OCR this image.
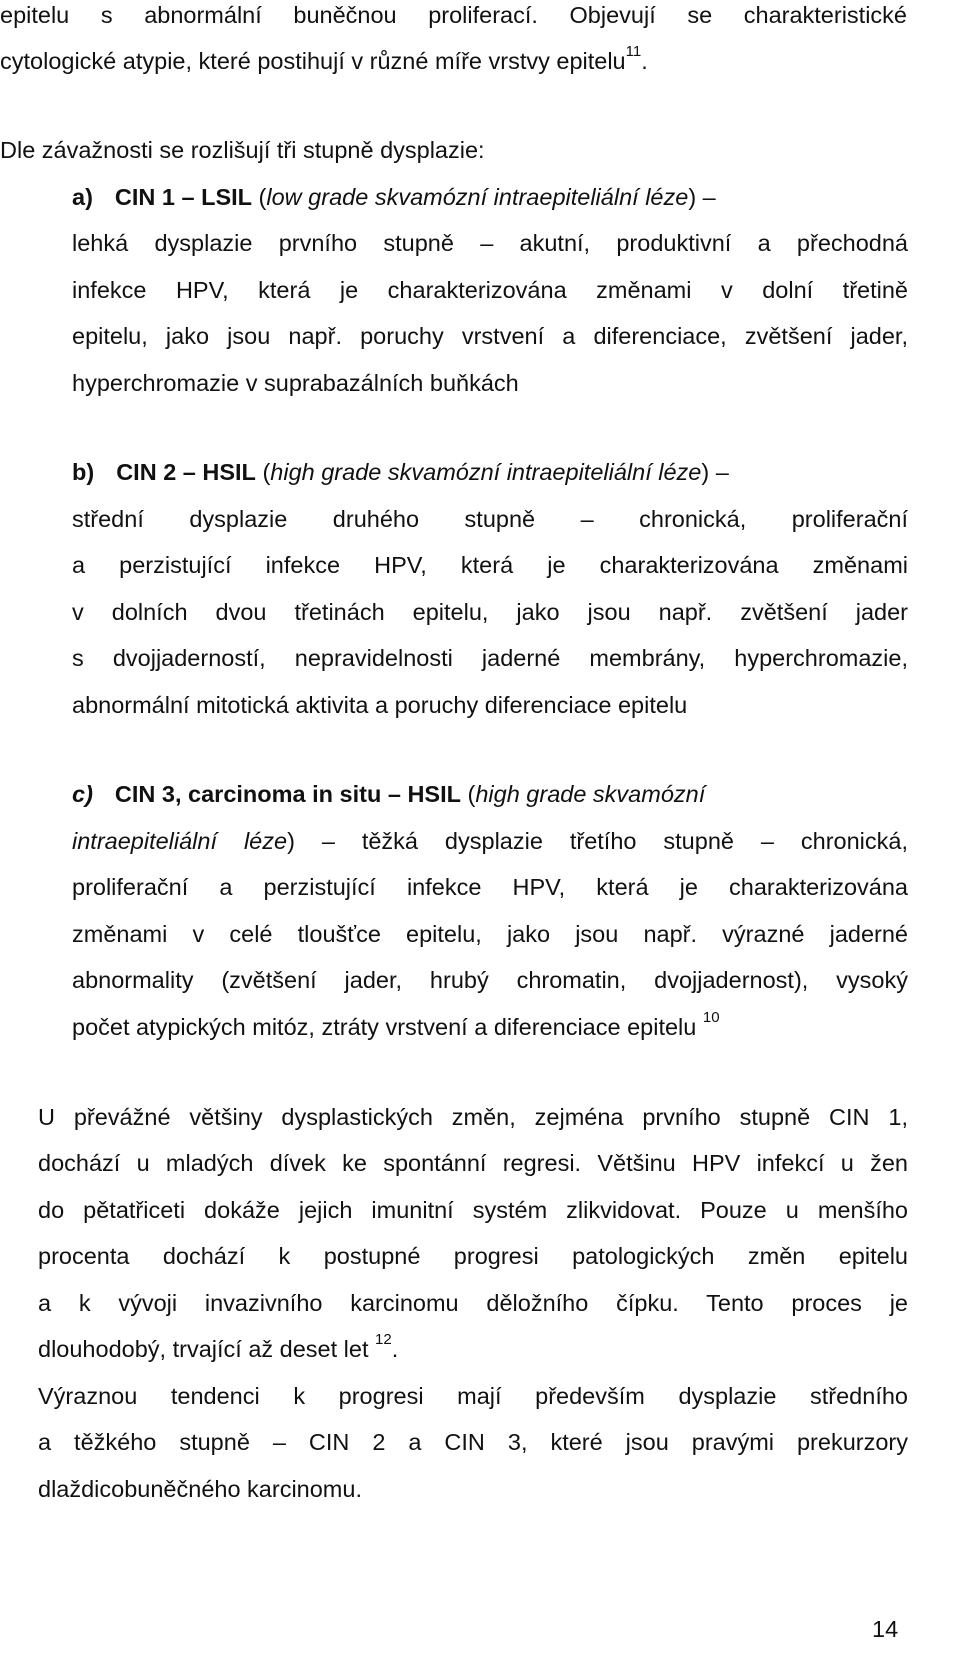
epitelu s abnormální buněčnou proliferací. Objevují se charakteristické
cytologické atypie, které postihují v různé míře vrstvy epitelu$^{11}$.
Dle závažnosti se rozlišují tři stupně dysplazie:
a) CIN 1 – LSIL (low grade skvamózní intraepiteliální léze) –
lehká dysplazie prvního stupně – akutní, produktivní a přechodná
infekce HPV, která je charakterizována změnami v dolní třetině
epitelu, jako jsou např. poruchy vrstvení a diferenciace, zvětšení jader,
hyperchromazie v suprabazálních buňkách
b) CIN 2 – HSIL (high grade skvamózní intraepiteliální léze) –
střední dysplazie druhého stupně – chronická, proliferační
a perzistující infekce HPV, která je charakterizována změnami
v dolních dvou třetinách epitelu, jako jsou např. zvětšení jader
s dvojjaderností, nepravidelnosti jaderné membrány, hyperchromazie,
abnormální mitotická aktivita a poruchy diferenciace epitelu
c) CIN 3, carcinoma in situ – HSIL (high grade skvamózní
intraepiteliální léze) – těžká dysplazie třetího stupně – chronická,
proliferační a perzistující infekce HPV, která je charakterizována
změnami v celé tloušťce epitelu, jako jsou např. výrazné jaderné
abnormality (zvětšení jader, hrubý chromatin, dvojjadernost), vysoký
počet atypických mitóz, ztráty vrstvení a diferenciace epitelu $^{10}$
U převážné většiny dysplastických změn, zejména prvního stupně CIN 1,
dochází u mladých dívek ke spontánní regresi. Většinu HPV infekcí u žen
do pětatřiceti dokáže jejich imunitní systém zlikvidovat. Pouze u menšího
procenta dochází k postupné progresi patologických změn epitelu
a k vývoji invazivního karcinomu děložního čípku. Tento proces je
dlouhodobý, trvající až deset let $^{12}$.
Výraznou tendenci k progresi mají především dysplazie středního
a těžkého stupně – CIN 2 a CIN 3, které jsou pravými prekurzory
dlaždicobuněčného karcinomu.
14
